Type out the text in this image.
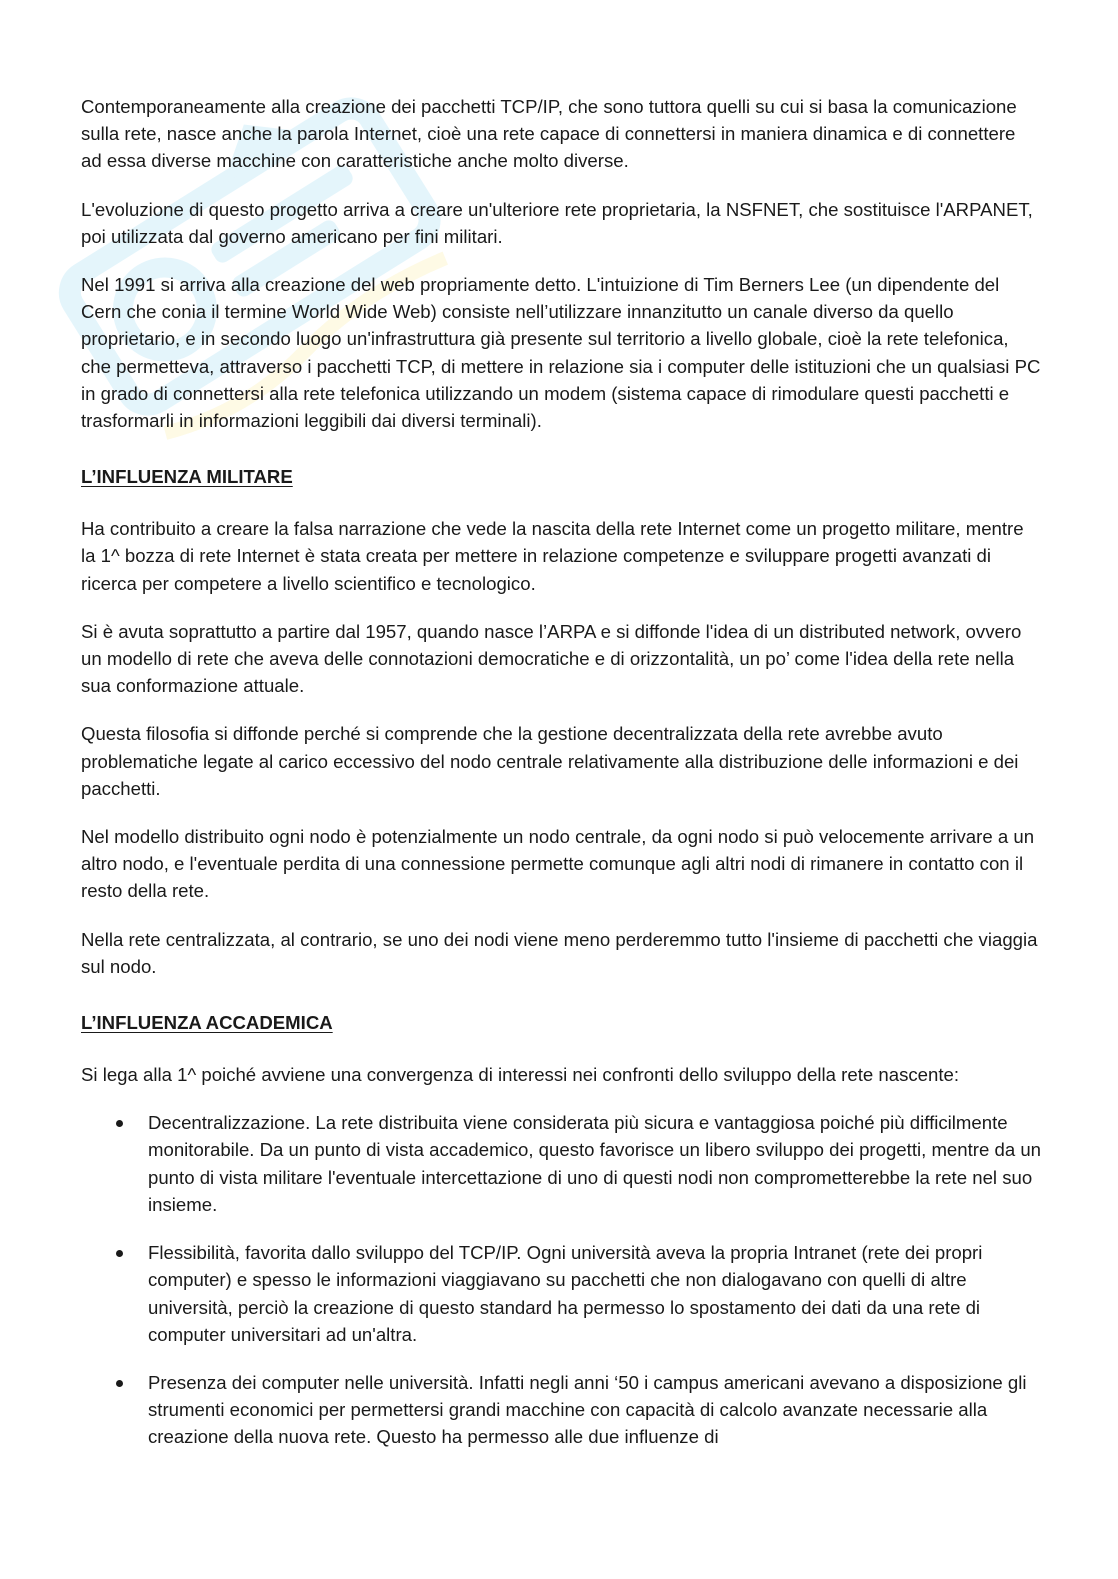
Contemporaneamente alla creazione dei pacchetti TCP/IP, che sono tuttora quelli su cui si basa la comunicazione sulla rete, nasce anche la parola Internet, cioè una rete capace di connettersi in maniera dinamica e di connettere ad essa diverse macchine con caratteristiche anche molto diverse.

L'evoluzione di questo progetto arriva a creare un'ulteriore rete proprietaria, la NSFNET, che sostituisce l'ARPANET, poi utilizzata dal governo americano per fini militari.

Nel 1991 si arriva alla creazione del web propriamente detto. L'intuizione di Tim Berners Lee (un dipendente del Cern che conia il termine World Wide Web) consiste nell’utilizzare innanzitutto un canale diverso da quello proprietario, e in secondo luogo un'infrastruttura già presente sul territorio a livello globale, cioè la rete telefonica, che permetteva, attraverso i pacchetti TCP, di mettere in relazione sia i computer delle istituzioni che un qualsiasi PC in grado di connettersi alla rete telefonica utilizzando un modem (sistema capace di rimodulare questi pacchetti e trasformarli in informazioni leggibili dai diversi terminali).

L’INFLUENZA MILITARE

Ha contribuito a creare la falsa narrazione che vede la nascita della rete Internet come un progetto militare, mentre la 1^ bozza di rete Internet è stata creata per mettere in relazione competenze e sviluppare progetti avanzati di ricerca per competere a livello scientifico e tecnologico.

Si è avuta soprattutto a partire dal 1957, quando nasce l’ARPA e si diffonde l'idea di un distributed network, ovvero un modello di rete che aveva delle connotazioni democratiche e di orizzontalità, un po’ come l'idea della rete nella sua conformazione attuale.

Questa filosofia si diffonde perché si comprende che la gestione decentralizzata della rete avrebbe avuto problematiche legate al carico eccessivo del nodo centrale relativamente alla distribuzione delle informazioni e dei pacchetti.

Nel modello distribuito ogni nodo è potenzialmente un nodo centrale, da ogni nodo si può velocemente arrivare a un altro nodo, e l'eventuale perdita di una connessione permette comunque agli altri nodi di rimanere in contatto con il resto della rete.

Nella rete centralizzata, al contrario, se uno dei nodi viene meno perderemmo tutto l'insieme di pacchetti che viaggia sul nodo.

L’INFLUENZA ACCADEMICA

Si lega alla 1^ poiché avviene una convergenza di interessi nei confronti dello sviluppo della rete nascente:

Decentralizzazione. La rete distribuita viene considerata più sicura e vantaggiosa poiché più difficilmente monitorabile. Da un punto di vista accademico, questo favorisce un libero sviluppo dei progetti, mentre da un punto di vista militare l'eventuale intercettazione di uno di questi nodi non comprometterebbe la rete nel suo insieme.
Flessibilità, favorita dallo sviluppo del TCP/IP. Ogni università aveva la propria Intranet (rete dei propri computer) e spesso le informazioni viaggiavano su pacchetti che non dialogavano con quelli di altre università, perciò la creazione di questo standard ha permesso lo spostamento dei dati da una rete di computer universitari ad un'altra.
Presenza dei computer nelle università. Infatti negli anni ‘50 i campus americani avevano a disposizione gli strumenti economici per permettersi grandi macchine con capacità di calcolo avanzate necessarie alla creazione della nuova rete. Questo ha permesso alle due influenze di
